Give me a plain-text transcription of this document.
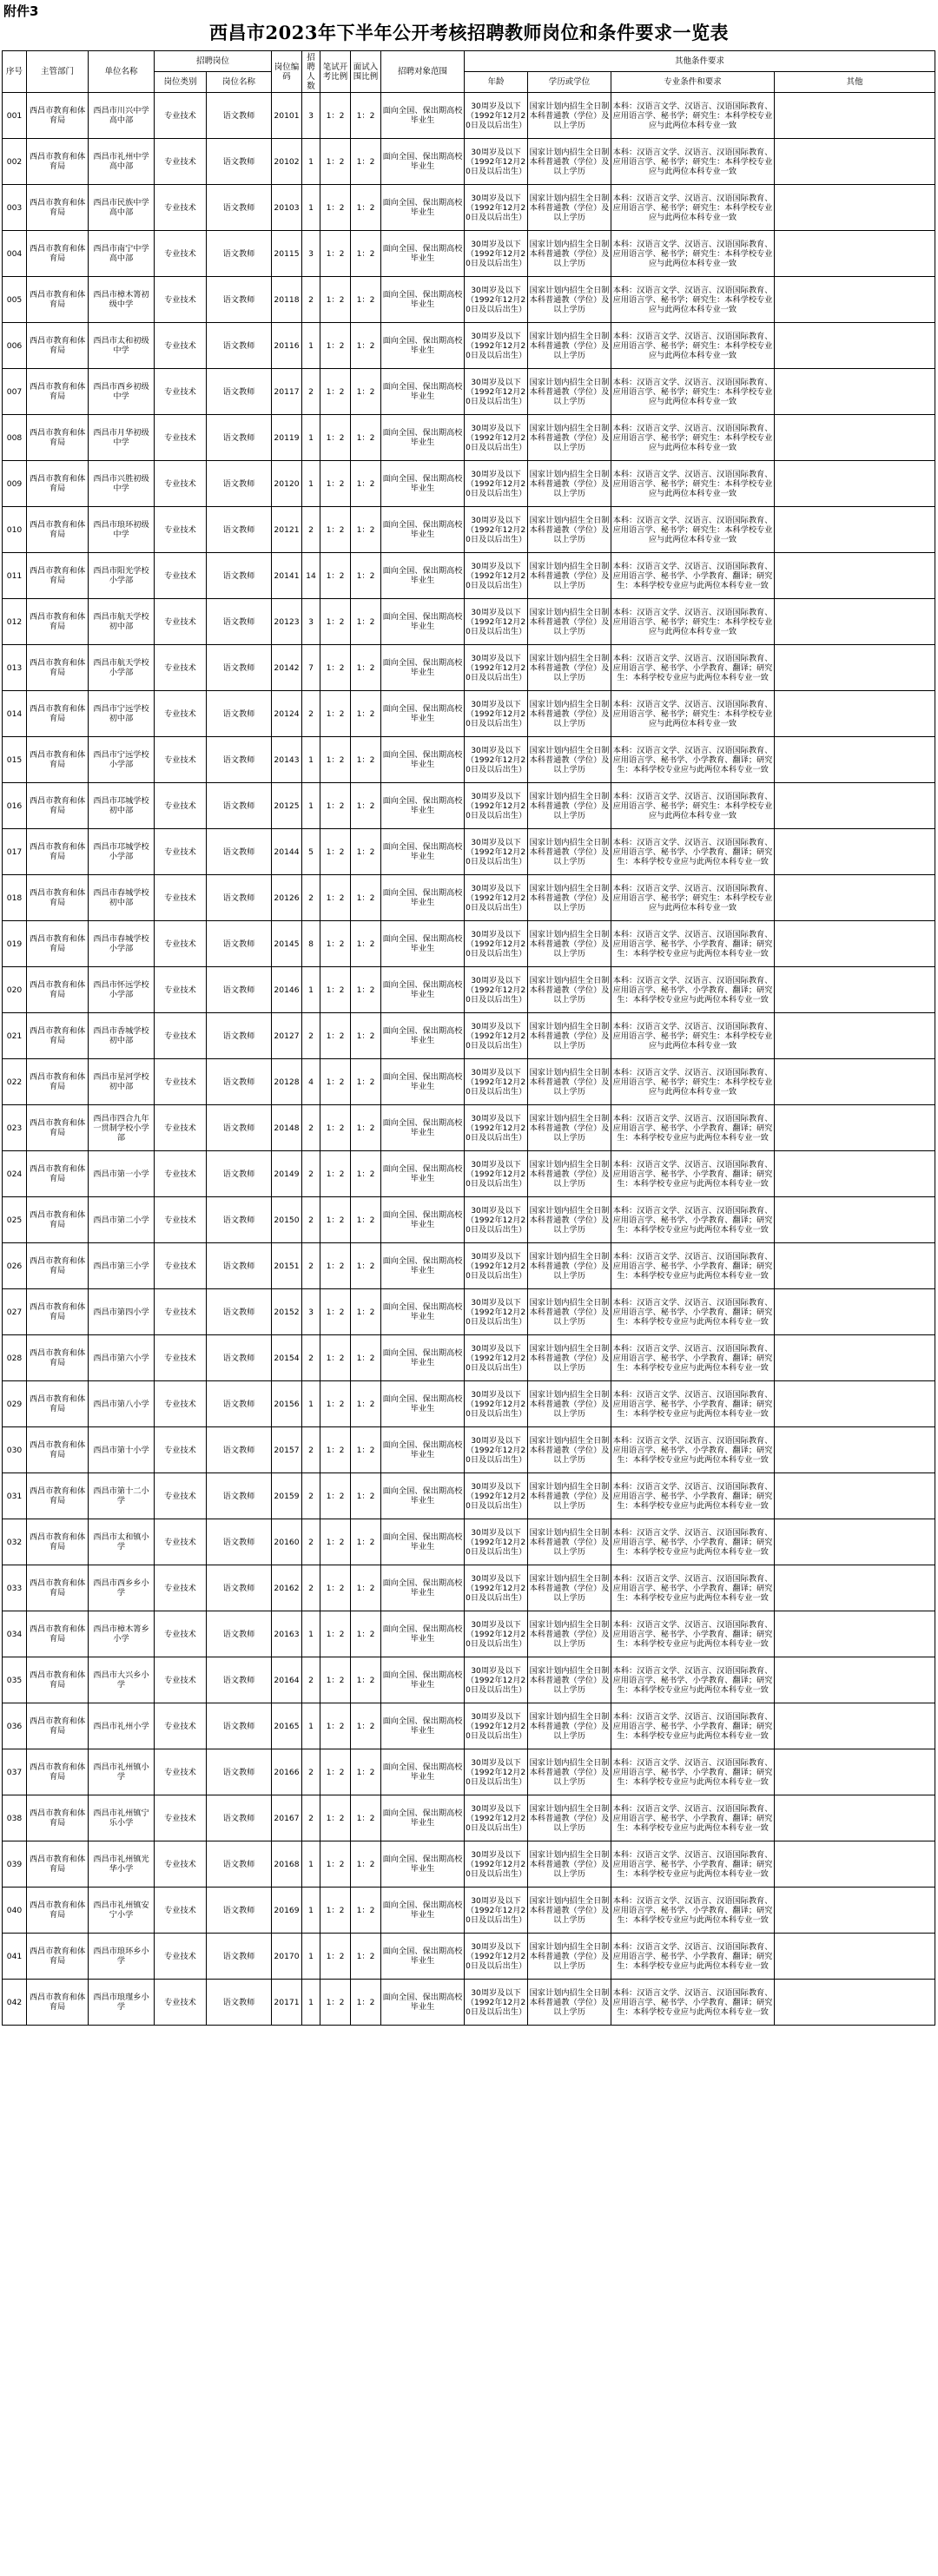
附件3
西昌市2023年下半年公开考核招聘教师岗位和条件要求一览表
序号	主管部门	单位名称	招聘岗位		岗位编码	招聘人数	笔试开考比例	面试入围比例	招聘对象范围	其他条件要求			
			岗位类别	岗位名称						年龄	学历或学位	专业条件和要求	其他
001	西昌市教育和体育局	西昌市川兴中学高中部	专业技术	语文教师	20101	3	1：2	1：2	面向全国、保出期高校毕业生	30周岁及以下（1992年12月20日及以后出生）	国家计划内招生全日制本科普通教（学位）及以上学历	本科：汉语言文学、汉语言、汉语国际教育、应用语言学、秘书学；研究生：本科学校专业应与此两位本科专业一致	
002	西昌市教育和体育局	西昌市礼州中学高中部	专业技术	语文教师	20102	1	1：2	1：2	面向全国、保出期高校毕业生	30周岁及以下（1992年12月20日及以后出生）	国家计划内招生全日制本科普通教（学位）及以上学历	本科：汉语言文学、汉语言、汉语国际教育、应用语言学、秘书学；研究生：本科学校专业应与此两位本科专业一致	
003	西昌市教育和体育局	西昌市民族中学高中部	专业技术	语文教师	20103	1	1：2	1：2	面向全国、保出期高校毕业生	30周岁及以下（1992年12月20日及以后出生）	国家计划内招生全日制本科普通教（学位）及以上学历	本科：汉语言文学、汉语言、汉语国际教育、应用语言学、秘书学；研究生：本科学校专业应与此两位本科专业一致	
004	西昌市教育和体育局	西昌市南宁中学高中部	专业技术	语文教师	20115	3	1：2	1：2	面向全国、保出期高校毕业生	30周岁及以下（1992年12月20日及以后出生）	国家计划内招生全日制本科普通教（学位）及以上学历	本科：汉语言文学、汉语言、汉语国际教育、应用语言学、秘书学；研究生：本科学校专业应与此两位本科专业一致	
005	西昌市教育和体育局	西昌市樟木箐初级中学	专业技术	语文教师	20118	2	1：2	1：2	面向全国、保出期高校毕业生	30周岁及以下（1992年12月20日及以后出生）	国家计划内招生全日制本科普通教（学位）及以上学历	本科：汉语言文学、汉语言、汉语国际教育、应用语言学、秘书学；研究生：本科学校专业应与此两位本科专业一致	
006	西昌市教育和体育局	西昌市太和初级中学	专业技术	语文教师	20116	1	1：2	1：2	面向全国、保出期高校毕业生	30周岁及以下（1992年12月20日及以后出生）	国家计划内招生全日制本科普通教（学位）及以上学历	本科：汉语言文学、汉语言、汉语国际教育、应用语言学、秘书学；研究生：本科学校专业应与此两位本科专业一致	
007	西昌市教育和体育局	西昌市西乡初级中学	专业技术	语文教师	20117	2	1：2	1：2	面向全国、保出期高校毕业生	30周岁及以下（1992年12月20日及以后出生）	国家计划内招生全日制本科普通教（学位）及以上学历	本科：汉语言文学、汉语言、汉语国际教育、应用语言学、秘书学；研究生：本科学校专业应与此两位本科专业一致	
008	西昌市教育和体育局	西昌市月华初级中学	专业技术	语文教师	20119	1	1：2	1：2	面向全国、保出期高校毕业生	30周岁及以下（1992年12月20日及以后出生）	国家计划内招生全日制本科普通教（学位）及以上学历	本科：汉语言文学、汉语言、汉语国际教育、应用语言学、秘书学；研究生：本科学校专业应与此两位本科专业一致	
009	西昌市教育和体育局	西昌市兴胜初级中学	专业技术	语文教师	20120	1	1：2	1：2	面向全国、保出期高校毕业生	30周岁及以下（1992年12月20日及以后出生）	国家计划内招生全日制本科普通教（学位）及以上学历	本科：汉语言文学、汉语言、汉语国际教育、应用语言学、秘书学；研究生：本科学校专业应与此两位本科专业一致	
010	西昌市教育和体育局	西昌市琅环初级中学	专业技术	语文教师	20121	2	1：2	1：2	面向全国、保出期高校毕业生	30周岁及以下（1992年12月20日及以后出生）	国家计划内招生全日制本科普通教（学位）及以上学历	本科：汉语言文学、汉语言、汉语国际教育、应用语言学、秘书学；研究生：本科学校专业应与此两位本科专业一致	
011	西昌市教育和体育局	西昌市阳光学校小学部	专业技术	语文教师	20141	14	1：2	1：2	面向全国、保出期高校毕业生	30周岁及以下（1992年12月20日及以后出生）	国家计划内招生全日制本科普通教（学位）及以上学历	本科：汉语言文学、汉语言、汉语国际教育、应用语言学、秘书学、小学教育、翻译；研究生：本科学校专业应与此两位本科专业一致	
012	西昌市教育和体育局	西昌市航天学校初中部	专业技术	语文教师	20123	3	1：2	1：2	面向全国、保出期高校毕业生	30周岁及以下（1992年12月20日及以后出生）	国家计划内招生全日制本科普通教（学位）及以上学历	本科：汉语言文学、汉语言、汉语国际教育、应用语言学、秘书学；研究生：本科学校专业应与此两位本科专业一致	
013	西昌市教育和体育局	西昌市航天学校小学部	专业技术	语文教师	20142	7	1：2	1：2	面向全国、保出期高校毕业生	30周岁及以下（1992年12月20日及以后出生）	国家计划内招生全日制本科普通教（学位）及以上学历	本科：汉语言文学、汉语言、汉语国际教育、应用语言学、秘书学、小学教育、翻译；研究生：本科学校专业应与此两位本科专业一致	
014	西昌市教育和体育局	西昌市宁远学校初中部	专业技术	语文教师	20124	2	1：2	1：2	面向全国、保出期高校毕业生	30周岁及以下（1992年12月20日及以后出生）	国家计划内招生全日制本科普通教（学位）及以上学历	本科：汉语言文学、汉语言、汉语国际教育、应用语言学、秘书学；研究生：本科学校专业应与此两位本科专业一致	
015	西昌市教育和体育局	西昌市宁远学校小学部	专业技术	语文教师	20143	1	1：2	1：2	面向全国、保出期高校毕业生	30周岁及以下（1992年12月20日及以后出生）	国家计划内招生全日制本科普通教（学位）及以上学历	本科：汉语言文学、汉语言、汉语国际教育、应用语言学、秘书学、小学教育、翻译；研究生：本科学校专业应与此两位本科专业一致	
016	西昌市教育和体育局	西昌市邛城学校初中部	专业技术	语文教师	20125	1	1：2	1：2	面向全国、保出期高校毕业生	30周岁及以下（1992年12月20日及以后出生）	国家计划内招生全日制本科普通教（学位）及以上学历	本科：汉语言文学、汉语言、汉语国际教育、应用语言学、秘书学；研究生：本科学校专业应与此两位本科专业一致	
017	西昌市教育和体育局	西昌市邛城学校小学部	专业技术	语文教师	20144	5	1：2	1：2	面向全国、保出期高校毕业生	30周岁及以下（1992年12月20日及以后出生）	国家计划内招生全日制本科普通教（学位）及以上学历	本科：汉语言文学、汉语言、汉语国际教育、应用语言学、秘书学、小学教育、翻译；研究生：本科学校专业应与此两位本科专业一致	
018	西昌市教育和体育局	西昌市春城学校初中部	专业技术	语文教师	20126	2	1：2	1：2	面向全国、保出期高校毕业生	30周岁及以下（1992年12月20日及以后出生）	国家计划内招生全日制本科普通教（学位）及以上学历	本科：汉语言文学、汉语言、汉语国际教育、应用语言学、秘书学；研究生：本科学校专业应与此两位本科专业一致	
019	西昌市教育和体育局	西昌市春城学校小学部	专业技术	语文教师	20145	8	1：2	1：2	面向全国、保出期高校毕业生	30周岁及以下（1992年12月20日及以后出生）	国家计划内招生全日制本科普通教（学位）及以上学历	本科：汉语言文学、汉语言、汉语国际教育、应用语言学、秘书学、小学教育、翻译；研究生：本科学校专业应与此两位本科专业一致	
020	西昌市教育和体育局	西昌市怀远学校小学部	专业技术	语文教师	20146	1	1：2	1：2	面向全国、保出期高校毕业生	30周岁及以下（1992年12月20日及以后出生）	国家计划内招生全日制本科普通教（学位）及以上学历	本科：汉语言文学、汉语言、汉语国际教育、应用语言学、秘书学、小学教育、翻译；研究生：本科学校专业应与此两位本科专业一致	
021	西昌市教育和体育局	西昌市香城学校初中部	专业技术	语文教师	20127	2	1：2	1：2	面向全国、保出期高校毕业生	30周岁及以下（1992年12月20日及以后出生）	国家计划内招生全日制本科普通教（学位）及以上学历	本科：汉语言文学、汉语言、汉语国际教育、应用语言学、秘书学；研究生：本科学校专业应与此两位本科专业一致	
022	西昌市教育和体育局	西昌市星河学校初中部	专业技术	语文教师	20128	4	1：2	1：2	面向全国、保出期高校毕业生	30周岁及以下（1992年12月20日及以后出生）	国家计划内招生全日制本科普通教（学位）及以上学历	本科：汉语言文学、汉语言、汉语国际教育、应用语言学、秘书学；研究生：本科学校专业应与此两位本科专业一致	
023	西昌市教育和体育局	西昌市四合九年一贯制学校小学部	专业技术	语文教师	20148	2	1：2	1：2	面向全国、保出期高校毕业生	30周岁及以下（1992年12月20日及以后出生）	国家计划内招生全日制本科普通教（学位）及以上学历	本科：汉语言文学、汉语言、汉语国际教育、应用语言学、秘书学、小学教育、翻译；研究生：本科学校专业应与此两位本科专业一致	
024	西昌市教育和体育局	西昌市第一小学	专业技术	语文教师	20149	2	1：2	1：2	面向全国、保出期高校毕业生	30周岁及以下（1992年12月20日及以后出生）	国家计划内招生全日制本科普通教（学位）及以上学历	本科：汉语言文学、汉语言、汉语国际教育、应用语言学、秘书学、小学教育、翻译；研究生：本科学校专业应与此两位本科专业一致	
025	西昌市教育和体育局	西昌市第二小学	专业技术	语文教师	20150	2	1：2	1：2	面向全国、保出期高校毕业生	30周岁及以下（1992年12月20日及以后出生）	国家计划内招生全日制本科普通教（学位）及以上学历	本科：汉语言文学、汉语言、汉语国际教育、应用语言学、秘书学、小学教育、翻译；研究生：本科学校专业应与此两位本科专业一致	
026	西昌市教育和体育局	西昌市第三小学	专业技术	语文教师	20151	2	1：2	1：2	面向全国、保出期高校毕业生	30周岁及以下（1992年12月20日及以后出生）	国家计划内招生全日制本科普通教（学位）及以上学历	本科：汉语言文学、汉语言、汉语国际教育、应用语言学、秘书学、小学教育、翻译；研究生：本科学校专业应与此两位本科专业一致	
027	西昌市教育和体育局	西昌市第四小学	专业技术	语文教师	20152	3	1：2	1：2	面向全国、保出期高校毕业生	30周岁及以下（1992年12月20日及以后出生）	国家计划内招生全日制本科普通教（学位）及以上学历	本科：汉语言文学、汉语言、汉语国际教育、应用语言学、秘书学、小学教育、翻译；研究生：本科学校专业应与此两位本科专业一致	
028	西昌市教育和体育局	西昌市第六小学	专业技术	语文教师	20154	2	1：2	1：2	面向全国、保出期高校毕业生	30周岁及以下（1992年12月20日及以后出生）	国家计划内招生全日制本科普通教（学位）及以上学历	本科：汉语言文学、汉语言、汉语国际教育、应用语言学、秘书学、小学教育、翻译；研究生：本科学校专业应与此两位本科专业一致	
029	西昌市教育和体育局	西昌市第八小学	专业技术	语文教师	20156	1	1：2	1：2	面向全国、保出期高校毕业生	30周岁及以下（1992年12月20日及以后出生）	国家计划内招生全日制本科普通教（学位）及以上学历	本科：汉语言文学、汉语言、汉语国际教育、应用语言学、秘书学、小学教育、翻译；研究生：本科学校专业应与此两位本科专业一致	
030	西昌市教育和体育局	西昌市第十小学	专业技术	语文教师	20157	2	1：2	1：2	面向全国、保出期高校毕业生	30周岁及以下（1992年12月20日及以后出生）	国家计划内招生全日制本科普通教（学位）及以上学历	本科：汉语言文学、汉语言、汉语国际教育、应用语言学、秘书学、小学教育、翻译；研究生：本科学校专业应与此两位本科专业一致	
031	西昌市教育和体育局	西昌市第十二小学	专业技术	语文教师	20159	2	1：2	1：2	面向全国、保出期高校毕业生	30周岁及以下（1992年12月20日及以后出生）	国家计划内招生全日制本科普通教（学位）及以上学历	本科：汉语言文学、汉语言、汉语国际教育、应用语言学、秘书学、小学教育、翻译；研究生：本科学校专业应与此两位本科专业一致	
032	西昌市教育和体育局	西昌市太和镇小学	专业技术	语文教师	20160	2	1：2	1：2	面向全国、保出期高校毕业生	30周岁及以下（1992年12月20日及以后出生）	国家计划内招生全日制本科普通教（学位）及以上学历	本科：汉语言文学、汉语言、汉语国际教育、应用语言学、秘书学、小学教育、翻译；研究生：本科学校专业应与此两位本科专业一致	
033	西昌市教育和体育局	西昌市西乡乡小学	专业技术	语文教师	20162	2	1：2	1：2	面向全国、保出期高校毕业生	30周岁及以下（1992年12月20日及以后出生）	国家计划内招生全日制本科普通教（学位）及以上学历	本科：汉语言文学、汉语言、汉语国际教育、应用语言学、秘书学、小学教育、翻译；研究生：本科学校专业应与此两位本科专业一致	
034	西昌市教育和体育局	西昌市樟木箐乡小学	专业技术	语文教师	20163	1	1：2	1：2	面向全国、保出期高校毕业生	30周岁及以下（1992年12月20日及以后出生）	国家计划内招生全日制本科普通教（学位）及以上学历	本科：汉语言文学、汉语言、汉语国际教育、应用语言学、秘书学、小学教育、翻译；研究生：本科学校专业应与此两位本科专业一致	
035	西昌市教育和体育局	西昌市大兴乡小学	专业技术	语文教师	20164	2	1：2	1：2	面向全国、保出期高校毕业生	30周岁及以下（1992年12月20日及以后出生）	国家计划内招生全日制本科普通教（学位）及以上学历	本科：汉语言文学、汉语言、汉语国际教育、应用语言学、秘书学、小学教育、翻译；研究生：本科学校专业应与此两位本科专业一致	
036	西昌市教育和体育局	西昌市礼州小学	专业技术	语文教师	20165	1	1：2	1：2	面向全国、保出期高校毕业生	30周岁及以下（1992年12月20日及以后出生）	国家计划内招生全日制本科普通教（学位）及以上学历	本科：汉语言文学、汉语言、汉语国际教育、应用语言学、秘书学、小学教育、翻译；研究生：本科学校专业应与此两位本科专业一致	
037	西昌市教育和体育局	西昌市礼州镇小学	专业技术	语文教师	20166	2	1：2	1：2	面向全国、保出期高校毕业生	30周岁及以下（1992年12月20日及以后出生）	国家计划内招生全日制本科普通教（学位）及以上学历	本科：汉语言文学、汉语言、汉语国际教育、应用语言学、秘书学、小学教育、翻译；研究生：本科学校专业应与此两位本科专业一致	
038	西昌市教育和体育局	西昌市礼州镇宁乐小学	专业技术	语文教师	20167	2	1：2	1：2	面向全国、保出期高校毕业生	30周岁及以下（1992年12月20日及以后出生）	国家计划内招生全日制本科普通教（学位）及以上学历	本科：汉语言文学、汉语言、汉语国际教育、应用语言学、秘书学、小学教育、翻译；研究生：本科学校专业应与此两位本科专业一致	
039	西昌市教育和体育局	西昌市礼州镇光华小学	专业技术	语文教师	20168	1	1：2	1：2	面向全国、保出期高校毕业生	30周岁及以下（1992年12月20日及以后出生）	国家计划内招生全日制本科普通教（学位）及以上学历	本科：汉语言文学、汉语言、汉语国际教育、应用语言学、秘书学、小学教育、翻译；研究生：本科学校专业应与此两位本科专业一致	
040	西昌市教育和体育局	西昌市礼州镇安宁小学	专业技术	语文教师	20169	1	1：2	1：2	面向全国、保出期高校毕业生	30周岁及以下（1992年12月20日及以后出生）	国家计划内招生全日制本科普通教（学位）及以上学历	本科：汉语言文学、汉语言、汉语国际教育、应用语言学、秘书学、小学教育、翻译；研究生：本科学校专业应与此两位本科专业一致	
041	西昌市教育和体育局	西昌市琅环乡小学	专业技术	语文教师	20170	1	1：2	1：2	面向全国、保出期高校毕业生	30周岁及以下（1992年12月20日及以后出生）	国家计划内招生全日制本科普通教（学位）及以上学历	本科：汉语言文学、汉语言、汉语国际教育、应用语言学、秘书学、小学教育、翻译；研究生：本科学校专业应与此两位本科专业一致	
042	西昌市教育和体育局	西昌市琅瑾乡小学	专业技术	语文教师	20171	1	1：2	1：2	面向全国、保出期高校毕业生	30周岁及以下（1992年12月20日及以后出生）	国家计划内招生全日制本科普通教（学位）及以上学历	本科：汉语言文学、汉语言、汉语国际教育、应用语言学、秘书学、小学教育、翻译；研究生：本科学校专业应与此两位本科专业一致	
